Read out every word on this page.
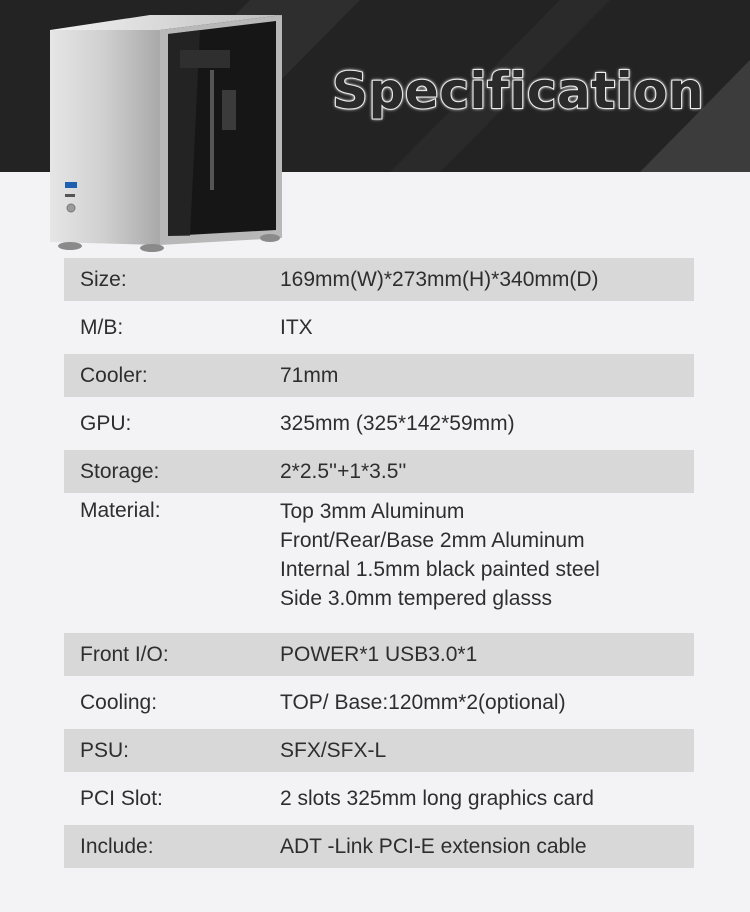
Specification
Size:	169mm(W)*273mm(H)*340mm(D)
M/B:	ITX
Cooler:	71mm
GPU:	325mm (325*142*59mm)
Storage:	2*2.5''+1*3.5''
Material:	Top 3mm Aluminum
Front/Rear/Base 2mm Aluminum
Internal 1.5mm black painted steel
Side 3.0mm tempered glasss
Front I/O:	POWER*1 USB3.0*1
Cooling:	TOP/ Base:120mm*2(optional)
PSU:	SFX/SFX-L
PCI Slot:	2 slots 325mm long graphics card
Include:	ADT -Link PCI-E extension cable
